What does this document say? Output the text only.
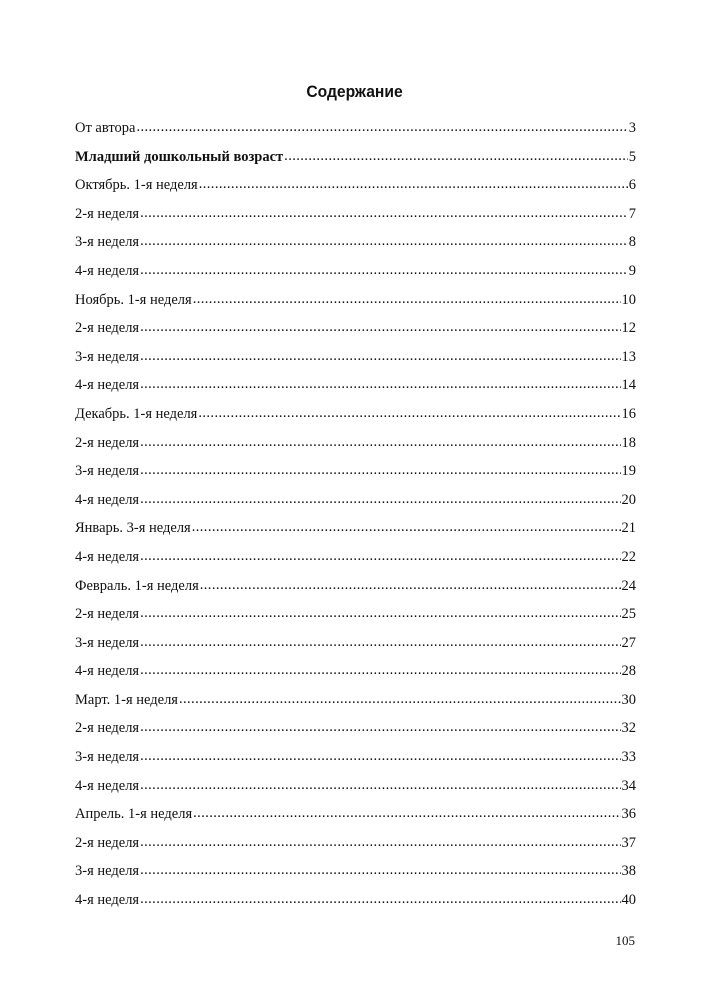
Содержание
От автора .....	3
Младший дошкольный возраст .....	5
Октябрь. 1-я неделя .....	6
2-я неделя .....	7
3-я неделя .....	8
4-я неделя .....	9
Ноябрь. 1-я неделя .....	10
2-я неделя .....	12
3-я неделя .....	13
4-я неделя .....	14
Декабрь. 1-я неделя .....	16
2-я неделя .....	18
3-я неделя .....	19
4-я неделя .....	20
Январь. 3-я неделя .....	21
4-я неделя .....	22
Февраль. 1-я неделя .....	24
2-я неделя .....	25
3-я неделя .....	27
4-я неделя .....	28
Март. 1-я неделя .....	30
2-я неделя .....	32
3-я неделя .....	33
4-я неделя .....	34
Апрель. 1-я неделя .....	36
2-я неделя .....	37
3-я неделя .....	38
4-я неделя .....	40
105
